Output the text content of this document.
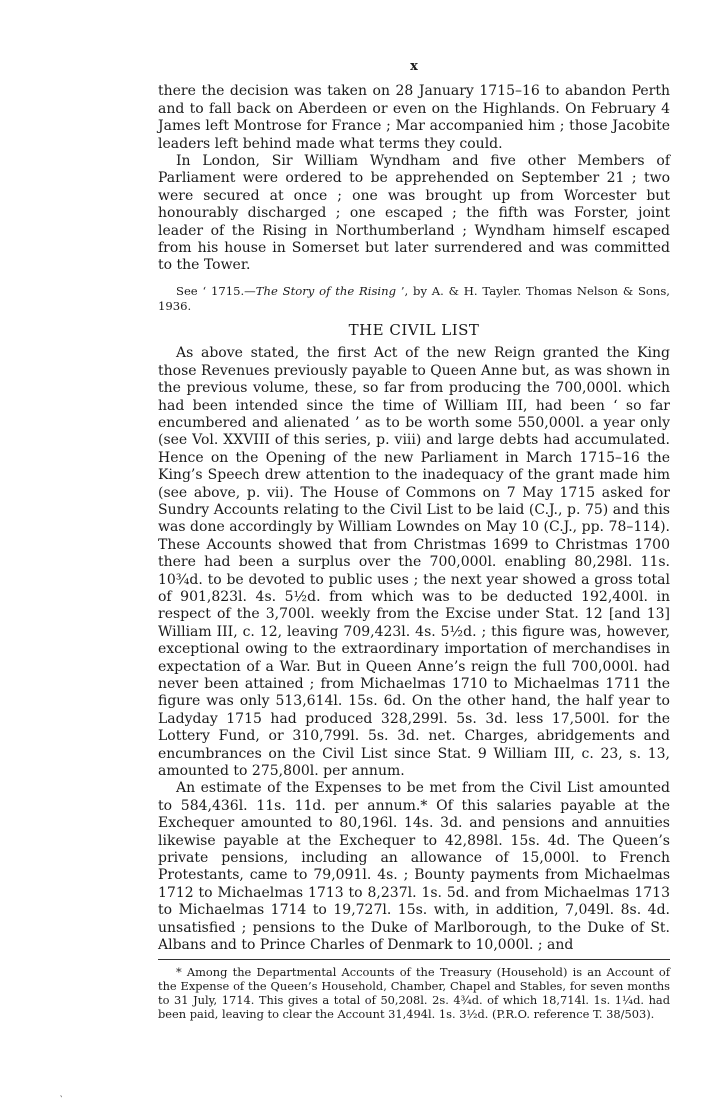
x

there the decision was taken on 28 January 1715–16 to abandon Perth and to fall back on Aberdeen or even on the Highlands. On February 4 James left Montrose for France ; Mar accompanied him ; those Jacobite leaders left behind made what terms they could.

In London, Sir William Wyndham and five other Members of Parliament were ordered to be apprehended on September 21 ; two were secured at once ; one was brought up from Worcester but honourably discharged ; one escaped ; the fifth was Forster, joint leader of the Rising in Northumberland ; Wyndham himself escaped from his house in Somerset but later surrendered and was committed to the Tower.

See ‘ 1715.—The Story of the Rising ’, by A. & H. Tayler. Thomas Nelson & Sons, 1936.

THE CIVIL LIST

As above stated, the first Act of the new Reign granted the King those Revenues previously payable to Queen Anne but, as was shown in the previous volume, these, so far from producing the 700,000l. which had been intended since the time of William III, had been ‘ so far encumbered and alienated ’ as to be worth some 550,000l. a year only (see Vol. XXVIII of this series, p. viii) and large debts had accumulated. Hence on the Opening of the new Parliament in March 1715–16 the King’s Speech drew attention to the inadequacy of the grant made him (see above, p. vii). The House of Commons on 7 May 1715 asked for Sundry Accounts relating to the Civil List to be laid (C.J., p. 75) and this was done accordingly by William Lowndes on May 10 (C.J., pp. 78–114). These Accounts showed that from Christmas 1699 to Christmas 1700 there had been a surplus over the 700,000l. enabling 80,298l. 11s. 10¾d. to be devoted to public uses ; the next year showed a gross total of 901,823l. 4s. 5½d. from which was to be deducted 192,400l. in respect of the 3,700l. weekly from the Excise under Stat. 12 [and 13] William III, c. 12, leaving 709,423l. 4s. 5½d. ; this figure was, however, exceptional owing to the extraordinary importation of merchandises in expectation of a War. But in Queen Anne’s reign the full 700,000l. had never been attained ; from Michaelmas 1710 to Michaelmas 1711 the figure was only 513,614l. 15s. 6d. On the other hand, the half year to Ladyday 1715 had produced 328,299l. 5s. 3d. less 17,500l. for the Lottery Fund, or 310,799l. 5s. 3d. net. Charges, abridgements and encumbrances on the Civil List since Stat. 9 William III, c. 23, s. 13, amounted to 275,800l. per annum.

An estimate of the Expenses to be met from the Civil List amounted to 584,436l. 11s. 11d. per annum.* Of this salaries payable at the Exchequer amounted to 80,196l. 14s. 3d. and pensions and annuities likewise payable at the Exchequer to 42,898l. 15s. 4d. The Queen’s private pensions, including an allowance of 15,000l. to French Protestants, came to 79,091l. 4s. ; Bounty payments from Michaelmas 1712 to Michaelmas 1713 to 8,237l. 1s. 5d. and from Michaelmas 1713 to Michaelmas 1714 to 19,727l. 15s. with, in addition, 7,049l. 8s. 4d. unsatisfied ; pensions to the Duke of Marlborough, to the Duke of St. Albans and to Prince Charles of Denmark to 10,000l. ; and

* Among the Departmental Accounts of the Treasury (Household) is an Account of the Expense of the Queen’s Household, Chamber, Chapel and Stables, for seven months to 31 July, 1714. This gives a total of 50,208l. 2s. 4¾d. of which 18,714l. 1s. 1¼d. had been paid, leaving to clear the Account 31,494l. 1s. 3½d. (P.R.O. reference T. 38/503).

‵
